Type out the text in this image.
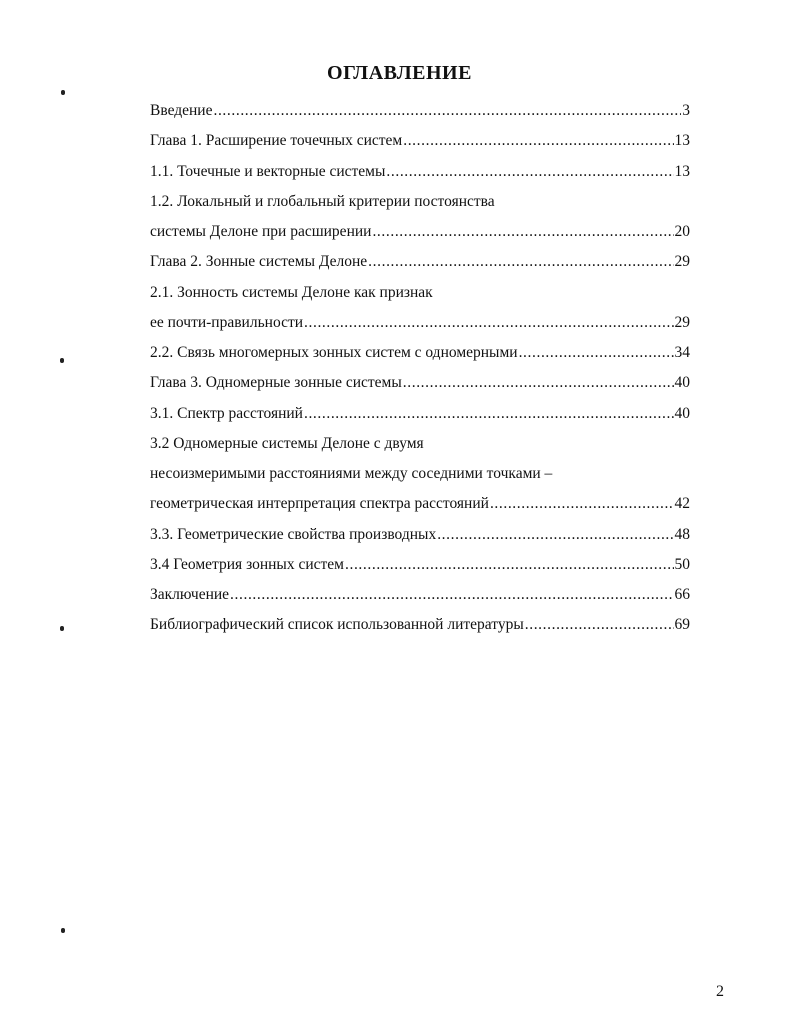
ОГЛАВЛЕНИЕ
Введение .....	3
Глава 1. Расширение точечных систем .....	13
1.1. Точечные и векторные системы .....	13
1.2. Локальный и глобальный критерии постоянства
системы Делоне при расширении .....	20
Глава 2. Зонные системы Делоне .....	29
2.1. Зонность системы Делоне как признак
ее почти-правильности .....	29
2.2. Связь многомерных зонных систем с одномерными .....	34
Глава 3. Одномерные зонные системы .....	40
3.1. Спектр расстояний .....	40
3.2 Одномерные системы Делоне с двумя
несоизмеримыми расстояниями между соседними точками –
геометрическая интерпретация спектра расстояний .....	42
3.3. Геометрические свойства производных .....	48
3.4 Геометрия зонных систем .....	50
Заключение .....	66
Библиографический список использованной литературы .....	69
2
